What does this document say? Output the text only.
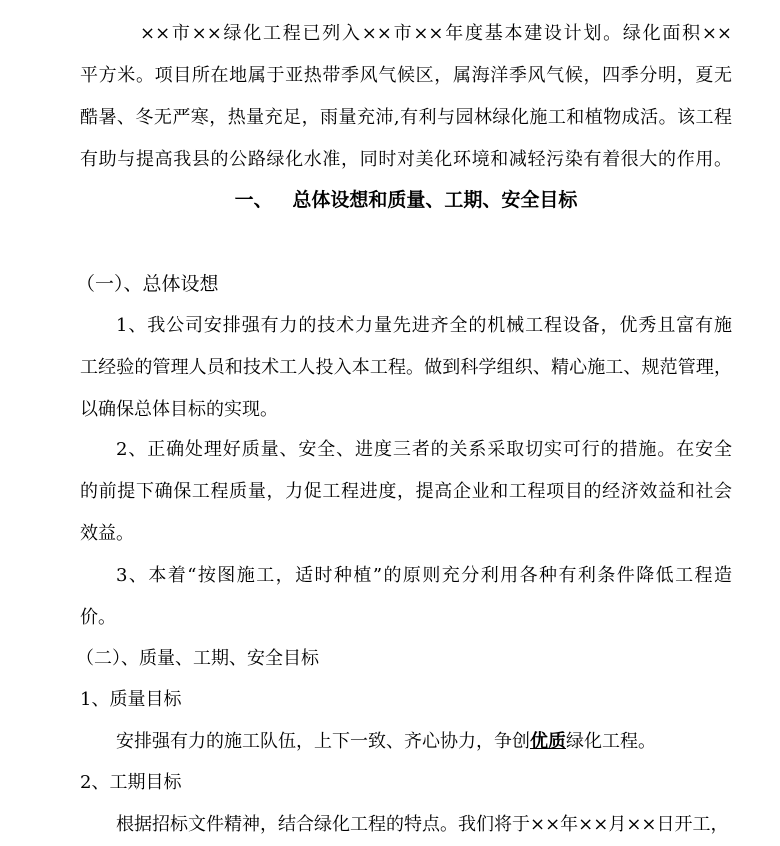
××市××绿化工程已列入××市××年度基本建设计划。绿化面积××
平方米。项目所在地属于亚热带季风气候区，属海洋季风气候，四季分明，夏无
酷暑、冬无严寒，热量充足，雨量充沛,有利与园林绿化施工和植物成活。该工程
有助与提高我县的公路绿化水准，同时对美化环境和减轻污染有着很大的作用。
一、   总体设想和质量、工期、安全目标
（一）、总体设想
1、我公司安排强有力的技术力量先进齐全的机械工程设备，优秀且富有施
工经验的管理人员和技术工人投入本工程。做到科学组织、精心施工、规范管理，
以确保总体目标的实现。
2、正确处理好质量、安全、进度三者的关系采取切实可行的措施。在安全
的前提下确保工程质量，力促工程进度，提高企业和工程项目的经济效益和社会
效益。
3、本着“按图施工，适时种植”的原则充分利用各种有利条件降低工程造
价。
（二）、质量、工期、安全目标
1、质量目标
安排强有力的施工队伍，上下一致、齐心协力，争创优质绿化工程。
2、工期目标
根据招标文件精神，结合绿化工程的特点。我们将于××年××月××日开工，
